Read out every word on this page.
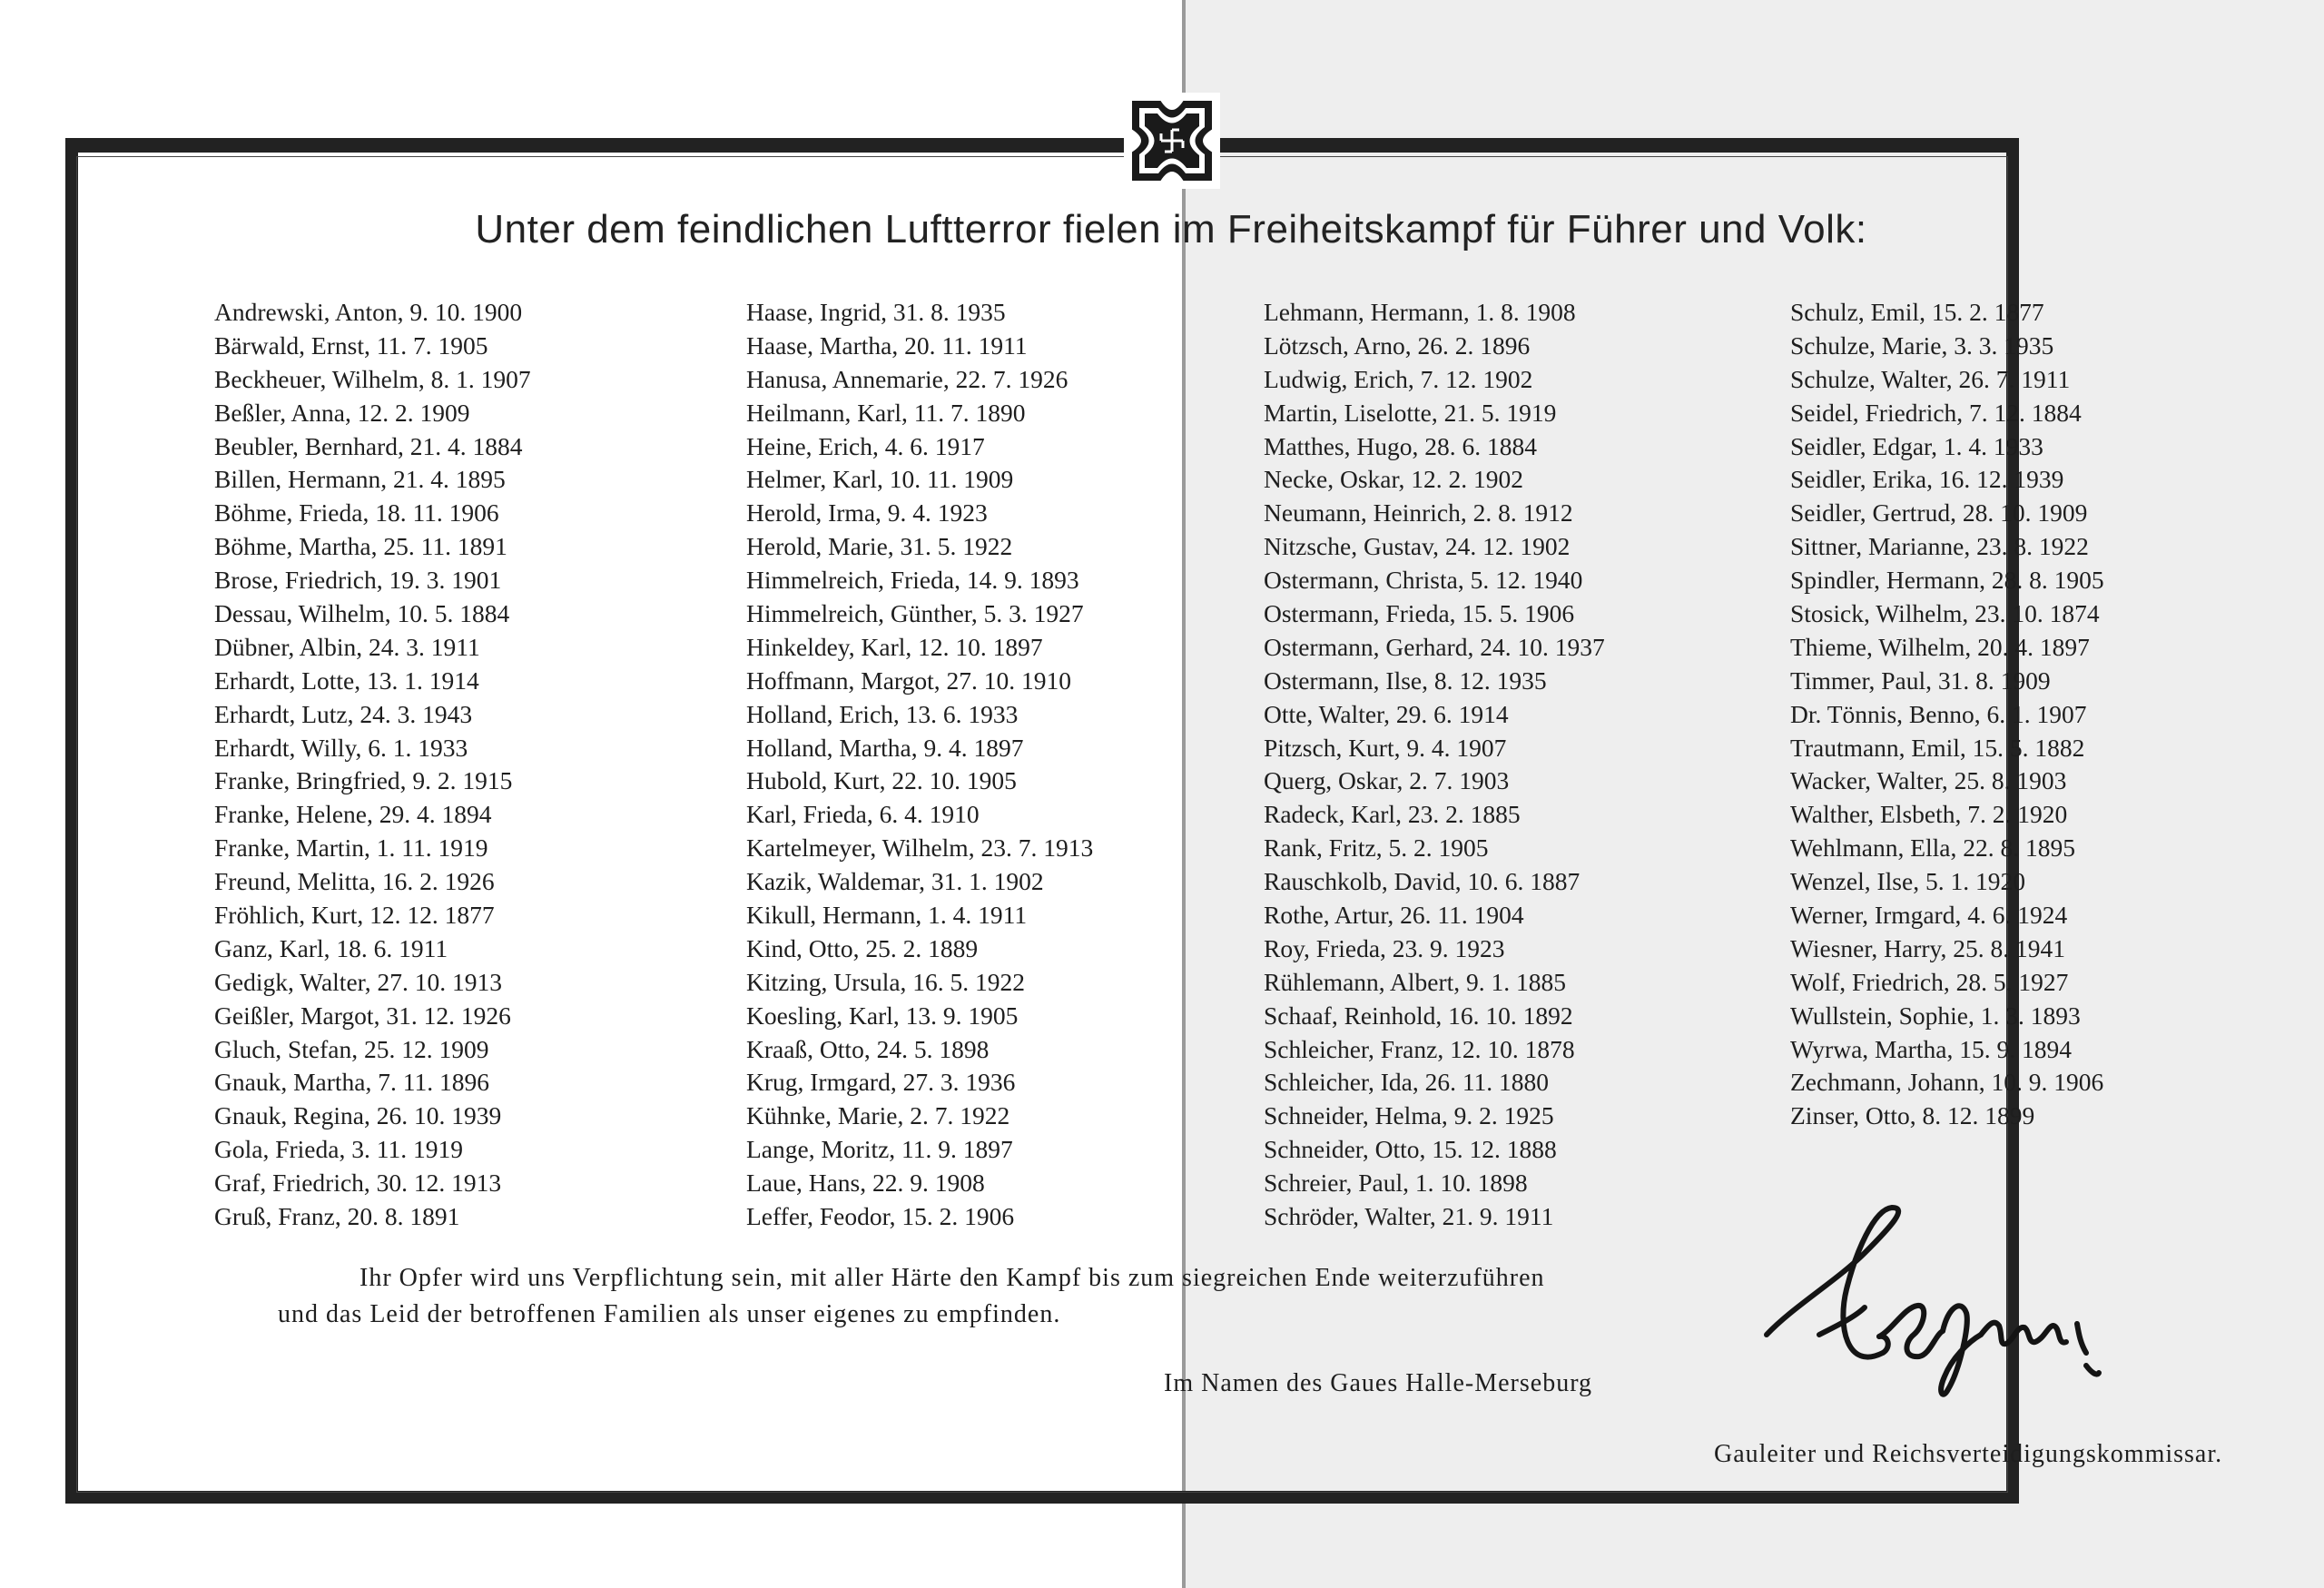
Unter dem feindlichen Luftterror fielen im Freiheitskampf für Führer und Volk:
Andrewski, Anton, 9. 10. 1900
Bärwald, Ernst, 11. 7. 1905
Beckheuer, Wilhelm, 8. 1. 1907
Beßler, Anna, 12. 2. 1909
Beubler, Bernhard, 21. 4. 1884
Billen, Hermann, 21. 4. 1895
Böhme, Frieda, 18. 11. 1906
Böhme, Martha, 25. 11. 1891
Brose, Friedrich, 19. 3. 1901
Dessau, Wilhelm, 10. 5. 1884
Dübner, Albin, 24. 3. 1911
Erhardt, Lotte, 13. 1. 1914
Erhardt, Lutz, 24. 3. 1943
Erhardt, Willy, 6. 1. 1933
Franke, Bringfried, 9. 2. 1915
Franke, Helene, 29. 4. 1894
Franke, Martin, 1. 11. 1919
Freund, Melitta, 16. 2. 1926
Fröhlich, Kurt, 12. 12. 1877
Ganz, Karl, 18. 6. 1911
Gedigk, Walter, 27. 10. 1913
Geißler, Margot, 31. 12. 1926
Gluch, Stefan, 25. 12. 1909
Gnauk, Martha, 7. 11. 1896
Gnauk, Regina, 26. 10. 1939
Gola, Frieda, 3. 11. 1919
Graf, Friedrich, 30. 12. 1913
Gruß, Franz, 20. 8. 1891
Haase, Ingrid, 31. 8. 1935
Haase, Martha, 20. 11. 1911
Hanusa, Annemarie, 22. 7. 1926
Heilmann, Karl, 11. 7. 1890
Heine, Erich, 4. 6. 1917
Helmer, Karl, 10. 11. 1909
Herold, Irma, 9. 4. 1923
Herold, Marie, 31. 5. 1922
Himmelreich, Frieda, 14. 9. 1893
Himmelreich, Günther, 5. 3. 1927
Hinkeldey, Karl, 12. 10. 1897
Hoffmann, Margot, 27. 10. 1910
Holland, Erich, 13. 6. 1933
Holland, Martha, 9. 4. 1897
Hubold, Kurt, 22. 10. 1905
Karl, Frieda, 6. 4. 1910
Kartelmeyer, Wilhelm, 23. 7. 1913
Kazik, Waldemar, 31. 1. 1902
Kikull, Hermann, 1. 4. 1911
Kind, Otto, 25. 2. 1889
Kitzing, Ursula, 16. 5. 1922
Koesling, Karl, 13. 9. 1905
Kraaß, Otto, 24. 5. 1898
Krug, Irmgard, 27. 3. 1936
Kühnke, Marie, 2. 7. 1922
Lange, Moritz, 11. 9. 1897
Laue, Hans, 22. 9. 1908
Leffer, Feodor, 15. 2. 1906
Lehmann, Hermann, 1. 8. 1908
Lötzsch, Arno, 26. 2. 1896
Ludwig, Erich, 7. 12. 1902
Martin, Liselotte, 21. 5. 1919
Matthes, Hugo, 28. 6. 1884
Necke, Oskar, 12. 2. 1902
Neumann, Heinrich, 2. 8. 1912
Nitzsche, Gustav, 24. 12. 1902
Ostermann, Christa, 5. 12. 1940
Ostermann, Frieda, 15. 5. 1906
Ostermann, Gerhard, 24. 10. 1937
Ostermann, Ilse, 8. 12. 1935
Otte, Walter, 29. 6. 1914
Pitzsch, Kurt, 9. 4. 1907
Querg, Oskar, 2. 7. 1903
Radeck, Karl, 23. 2. 1885
Rank, Fritz, 5. 2. 1905
Rauschkolb, David, 10. 6. 1887
Rothe, Artur, 26. 11. 1904
Roy, Frieda, 23. 9. 1923
Rühlemann, Albert, 9. 1. 1885
Schaaf, Reinhold, 16. 10. 1892
Schleicher, Franz, 12. 10. 1878
Schleicher, Ida, 26. 11. 1880
Schneider, Helma, 9. 2. 1925
Schneider, Otto, 15. 12. 1888
Schreier, Paul, 1. 10. 1898
Schröder, Walter, 21. 9. 1911
Schulz, Emil, 15. 2. 1877
Schulze, Marie, 3. 3. 1935
Schulze, Walter, 26. 7. 1911
Seidel, Friedrich, 7. 12. 1884
Seidler, Edgar, 1. 4. 1933
Seidler, Erika, 16. 12. 1939
Seidler, Gertrud, 28. 10. 1909
Sittner, Marianne, 23. 8. 1922
Spindler, Hermann, 28. 8. 1905
Stosick, Wilhelm, 23. 10. 1874
Thieme, Wilhelm, 20. 4. 1897
Timmer, Paul, 31. 8. 1909
Dr. Tönnis, Benno, 6. 1. 1907
Trautmann, Emil, 15. 5. 1882
Wacker, Walter, 25. 8. 1903
Walther, Elsbeth, 7. 2. 1920
Wehlmann, Ella, 22. 8. 1895
Wenzel, Ilse, 5. 1. 1920
Werner, Irmgard, 4. 6. 1924
Wiesner, Harry, 25. 8. 1941
Wolf, Friedrich, 28. 5. 1927
Wullstein, Sophie, 1. 3. 1893
Wyrwa, Martha, 15. 9. 1894
Zechmann, Johann, 10. 9. 1906
Zinser, Otto, 8. 12. 1899
Ihr Opfer wird uns Verpflichtung sein, mit aller Härte den Kampf bis zum siegreichen Ende weiterzuführen
und das Leid der betroffenen Familien als unser eigenes zu empfinden.
Im Namen des Gaues Halle-Merseburg
Gauleiter und Reichsverteidigungskommissar.
